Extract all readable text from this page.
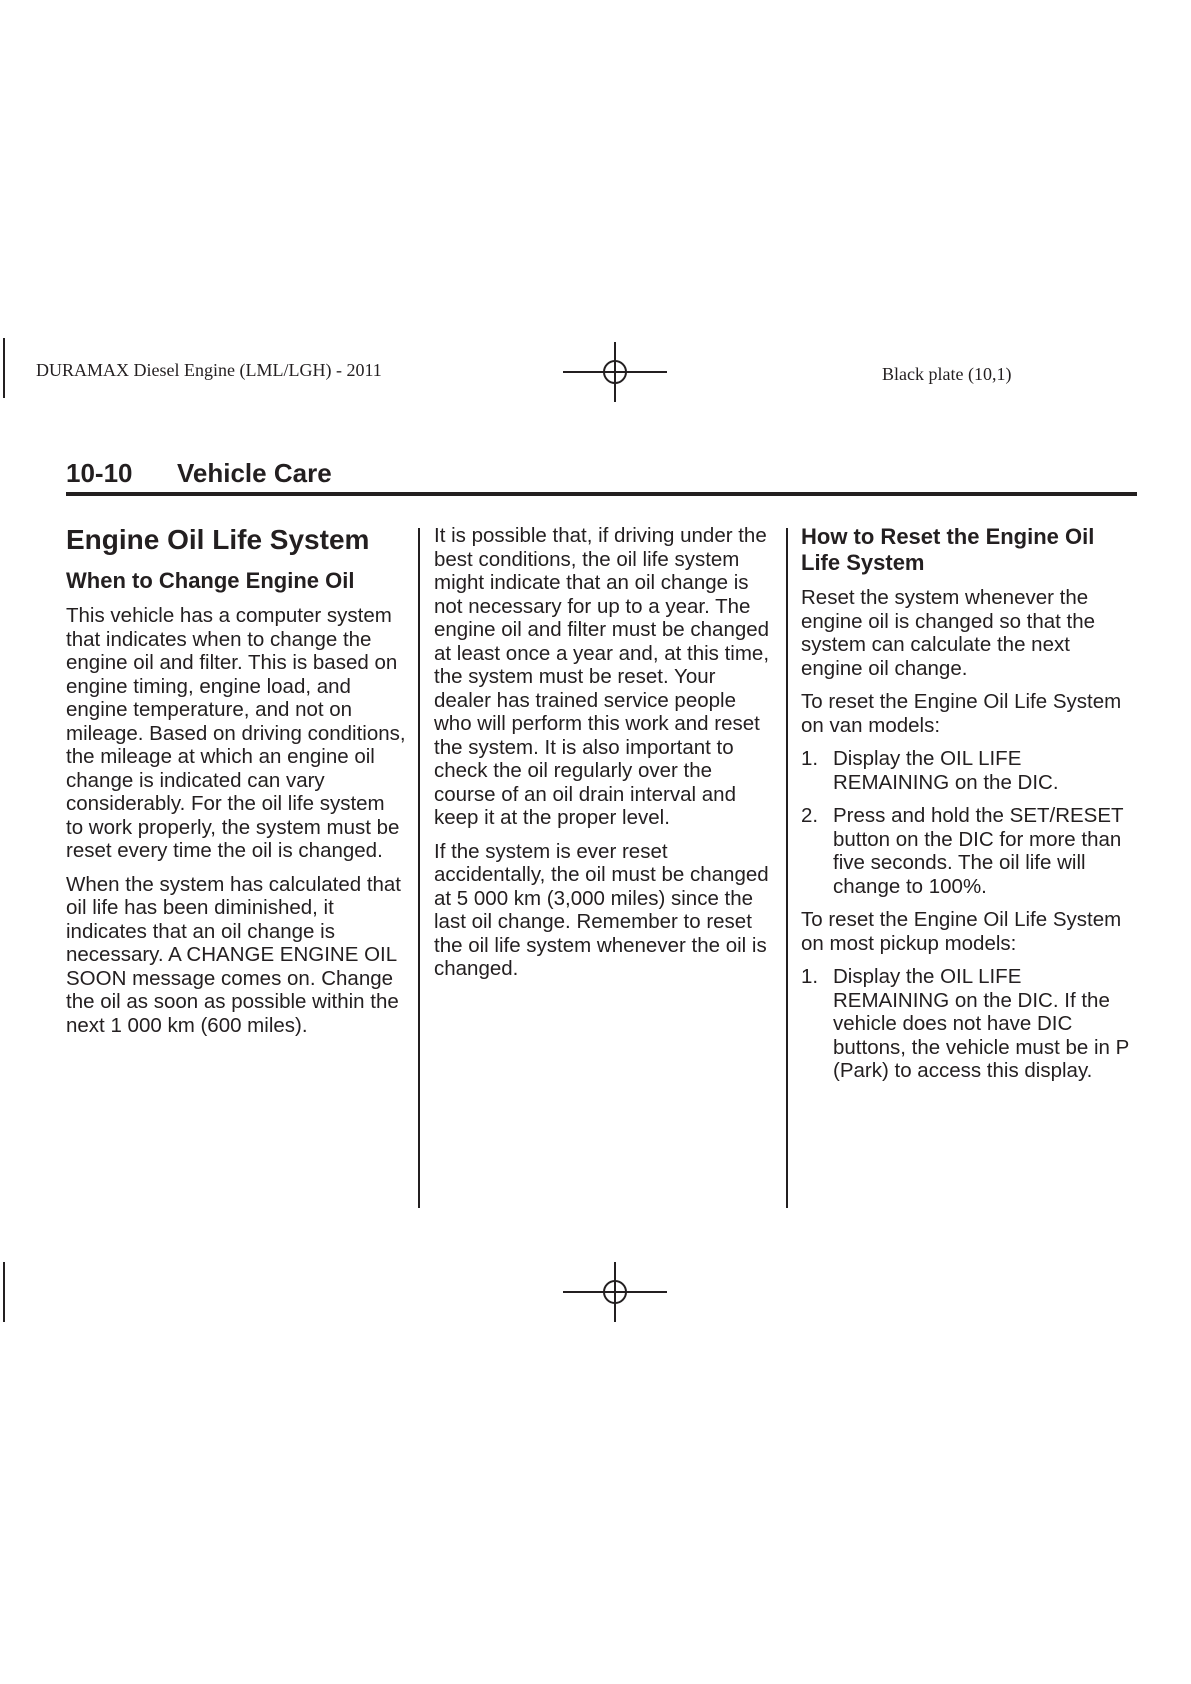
DURAMAX Diesel Engine (LML/LGH) - 2011	Black plate (10,1)
10-10 Vehicle Care
Engine Oil Life System
When to Change Engine Oil

This vehicle has a computer system that indicates when to change the engine oil and filter. This is based on engine timing, engine load, and engine temperature, and not on mileage. Based on driving conditions, the mileage at which an engine oil change is indicated can vary considerably. For the oil life system to work properly, the system must be reset every time the oil is changed.

When the system has calculated that oil life has been diminished, it indicates that an oil change is necessary. A CHANGE ENGINE OIL SOON message comes on. Change the oil as soon as possible within the next 1 000 km (600 miles).

It is possible that, if driving under the best conditions, the oil life system might indicate that an oil change is not necessary for up to a year. The engine oil and filter must be changed at least once a year and, at this time, the system must be reset. Your dealer has trained service people who will perform this work and reset the system. It is also important to check the oil regularly over the course of an oil drain interval and keep it at the proper level.

If the system is ever reset accidentally, the oil must be changed at 5 000 km (3,000 miles) since the last oil change. Remember to reset the oil life system whenever the oil is changed.

How to Reset the Engine Oil Life System

Reset the system whenever the engine oil is changed so that the system can calculate the next engine oil change.

To reset the Engine Oil Life System on van models:

1. Display the OIL LIFE REMAINING on the DIC.
2. Press and hold the SET/RESET button on the DIC for more than five seconds. The oil life will change to 100%.

To reset the Engine Oil Life System on most pickup models:

1. Display the OIL LIFE REMAINING on the DIC. If the vehicle does not have DIC buttons, the vehicle must be in P (Park) to access this display.
